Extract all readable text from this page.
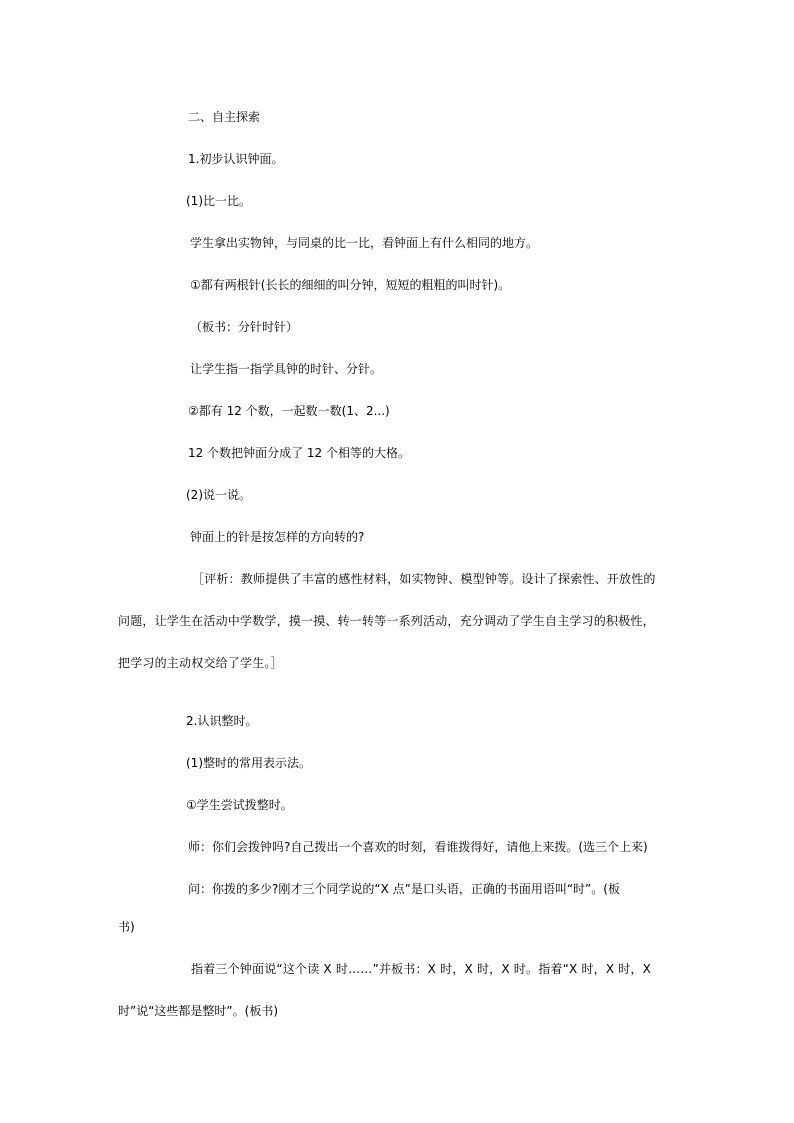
二、自主探索
1.初步认识钟面。
(1)比一比。
学生拿出实物钟，与同桌的比一比，看钟面上有什么相同的地方。
①都有两根针(长长的细细的叫分钟，短短的粗粗的叫时针)。
（板书：分针时针）
让学生指一指学具钟的时针、分针。
②都有 12 个数，一起数一数(1、2...)
12 个数把钟面分成了 12 个相等的大格。
(2)说一说。
钟面上的针是按怎样的方向转的?
［评析：教师提供了丰富的感性材料，如实物钟、模型钟等。设计了探索性、开放性的
问题，让学生在活动中学数学，摸一摸、转一转等一系列活动，充分调动了学生自主学习的积极性，
把学习的主动权交给了学生。］
2.认识整时。
(1)整时的常用表示法。
①学生尝试拨整时。
师：你们会拨钟吗?自己拨出一个喜欢的时刻，看谁拨得好，请他上来拨。(选三个上来)
问：你拨的多少?刚才三个同学说的“X 点”是口头语，正确的书面用语叫“时”。(板
书)
指着三个钟面说“这个读 X 时……”并板书：X 时，X 时，X 时。指着“X 时，X 时，X
时”说“这些都是整时”。(板书)
